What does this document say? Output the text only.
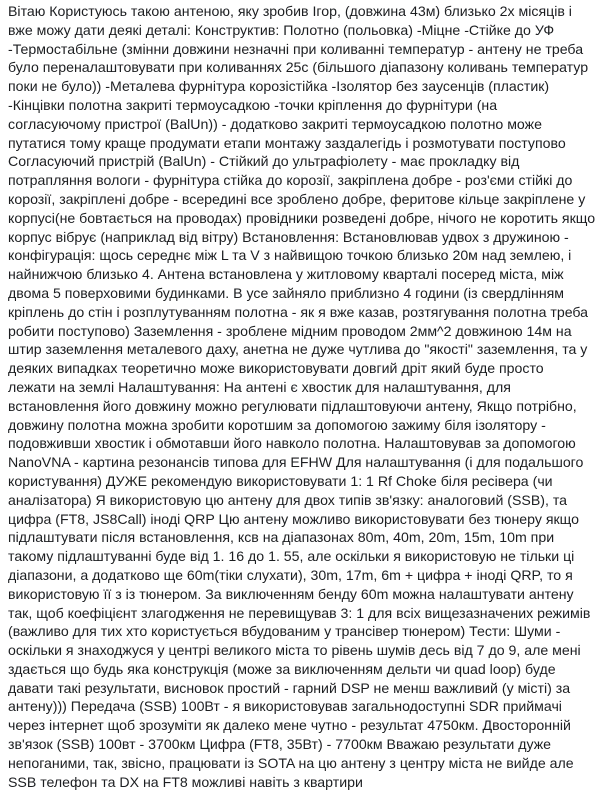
Вітаю Користуюсь такою антеною, яку зробив Ігор, (довжина 43м) близько 2х місяців і
вже можу дати деякі деталі: Конструктив: Полотно (польовка) -Міцне -Стійке до УФ
-Термостабільне (змінни довжини незначні при коливанні температур - антену не треба
було переналаштовувати при коливаннях 25с (більшого діапазону коливань температур
поки не було)) -Металева фурнітура корозістійка -Ізолятор без заусенців (пластик)
-Кінцівки полотна закриті термоусадкою -точки кріплення до фурнітури (на
согласуючому пристрої (BalUn)) - додатково закриті термоусадкою полотно може
путатися тому краще продумати етапи монтажу заздалегідь і розмотувати поступово
Согласуючий пристрій (BalUn) - Стійкий до ультрафіолету - має прокладку від
потрапляння вологи - фурнітура стійка до корозії, закріплена добре - роз'єми стійкі до
корозії, закріплені добре - всередині все зроблено добре, феритове кільце закріплене у
корпусі(не бовтається на проводах) провідники розведені добре, нічого не коротить якщо
корпус вібрує (наприклад від вітру) Встановлення: Встановлював удвох з дружиною -
конфігурація: щось середнє між L та V з найвищою точкою близько 20м над землею, і
найнижчою близько 4. Антена встановлена у житловому кварталі посеред міста, між
двома 5 поверховими будинками. В усе зайняло приблизно 4 години (із свердлінням
кріплень до стін і розплутуванням полотна - як я вже казав, розтягування полотна треба
робити поступово) Заземлення - зроблене мідним проводом 2мм^2 довжиною 14м на
штир заземлення металевого даху, анетна не дуже чутлива до "якості" заземлення, та у
деяких випадках теоретично може використовувати довгий дріт який буде просто
лежати на землі Налаштування: На антені є хвостик для налаштування, для
встановлення його довжину можно регулювати підлаштовуючи антену, Якщо потрібно,
довжину полотна можна зробити коротшим за допомогою зажиму біля ізолятору -
подовживши хвостик і обмотавши його навколо полотна. Налаштовував за допомогою
NanoVNA - картина резонансів типова для EFHW Для налаштування (і для подальшого
користування) ДУЖЕ рекомендую використовувати 1: 1 Rf Choke біля ресівера (чи
аналізатора) Я використовую цю антену для двох типів зв'язку: аналоговий (SSB), та
цифра (FT8, JS8Call) іноді QRP Цю антену можливо використовувати без тюнеру якщо
підлаштувати після встановлення, ксв на діапазонах 80m, 40m, 20m, 15m, 10m при
такому підлаштуванні буде від 1. 16 до 1. 55, але оскільки я використовую не тільки ці
діапазони, а додатково ще 60m(тіки слухати), 30m, 17m, 6m + цифра + іноді QRP, то я
використовую її з із тюнером. За виключенням бенду 60m можна налаштувати антену
так, щоб коефіцієнт злагодження не перевищував 3: 1 для всіх вищезазначених режимів
(важливо для тих хто користується вбудованим у трансівер тюнером) Тести: Шуми -
оскільки я знаходжуся у центрі великого міста то рівень шумів десь від 7 до 9, але мені
здається що будь яка конструкція (може за виключенням дельти чи quad loop) буде
давати такі результати, висновок простий - гарний DSP не менш важливий (у місті) за
антену))) Передача (SSB) 100Вт - я використовував загальнодоступні SDR приймачі
через інтернет щоб зрозуміти як далеко мене чутно - результат 4750км. Двосторонній
зв'язок (SSB) 100вт - 3700км Цифра (FT8, 35Вт) - 7700км Вважаю результати дуже
непоганими, так, звісно, працювати із SOTA на цю антену з центру міста не вийде але
SSB телефон та DX на FT8 можливі навіть з квартири
